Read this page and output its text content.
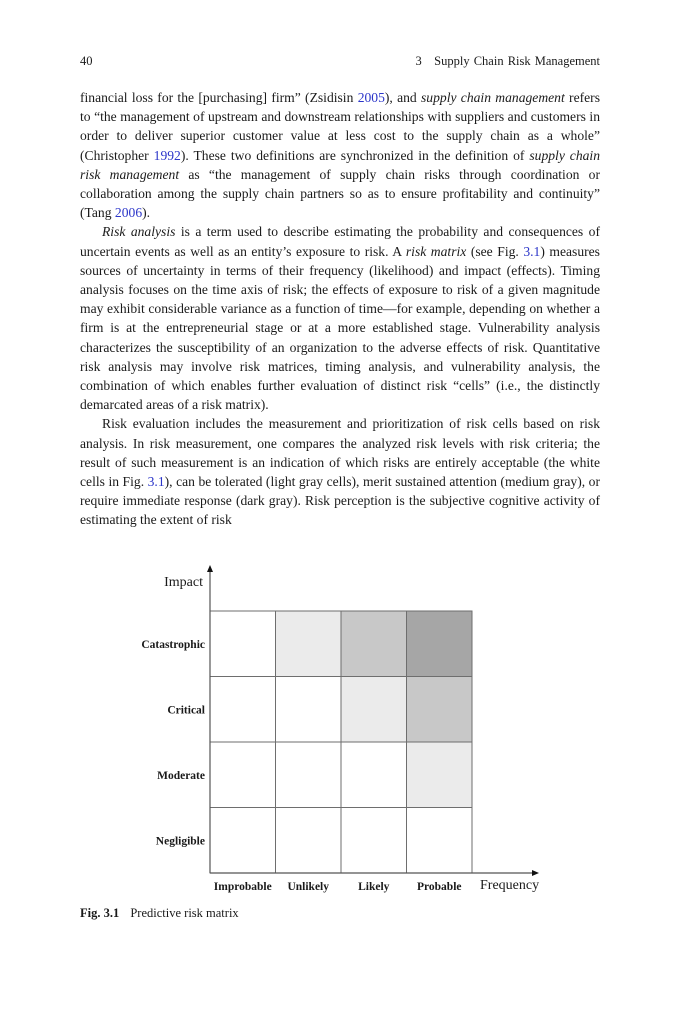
40	3   Supply Chain Risk Management

financial loss for the [purchasing] firm” (Zsidisin 2005), and supply chain management refers to “the management of upstream and downstream relationships with suppliers and customers in order to deliver superior customer value at less cost to the supply chain as a whole” (Christopher 1992). These two definitions are synchronized in the definition of supply chain risk management as “the management of supply chain risks through coordination or collaboration among the supply chain partners so as to ensure profitability and continuity” (Tang 2006).

Risk analysis is a term used to describe estimating the probability and consequences of uncertain events as well as an entity’s exposure to risk. A risk matrix (see Fig. 3.1) measures sources of uncertainty in terms of their frequency (likelihood) and impact (effects). Timing analysis focuses on the time axis of risk; the effects of exposure to risk of a given magnitude may exhibit considerable variance as a function of time—for example, depending on whether a firm is at the entrepreneurial stage or at a more established stage. Vulnerability analysis characterizes the susceptibility of an organization to the adverse effects of risk. Quantitative risk analysis may involve risk matrices, timing analysis, and vulnerability analysis, the combination of which enables further evaluation of distinct risk “cells” (i.e., the distinctly demarcated areas of a risk matrix).

Risk evaluation includes the measurement and prioritization of risk cells based on risk analysis. In risk measurement, one compares the analyzed risk levels with risk criteria; the result of such measurement is an indication of which risks are entirely acceptable (the white cells in Fig. 3.1), can be tolerated (light gray cells), merit sustained attention (medium gray), or require immediate response (dark gray). Risk perception is the subjective cognitive activity of estimating the extent of risk

Impact
Catastrophic
Critical
Moderate
Negligible
Improbable Unlikely	Likely Probable Frequency
Fig. 3.1 Predictive risk matrix
